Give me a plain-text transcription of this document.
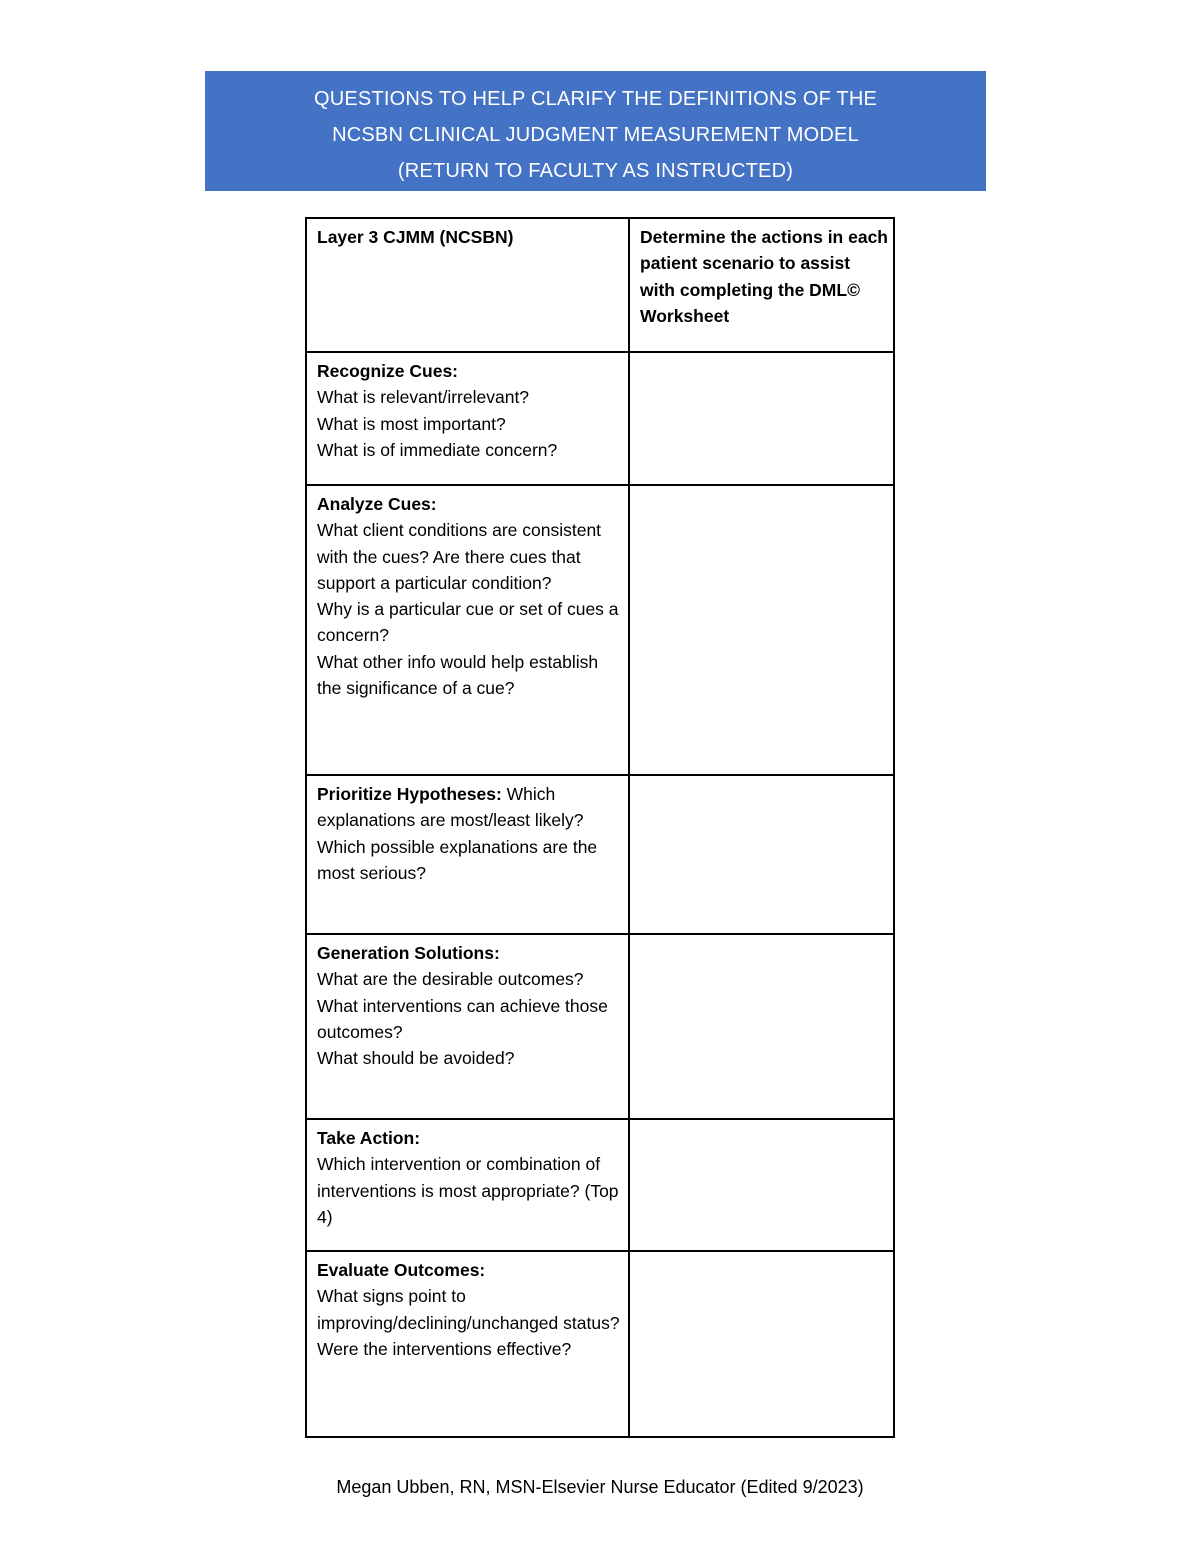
QUESTIONS TO HELP CLARIFY THE DEFINITIONS OF THE
NCSBN CLINICAL JUDGMENT MEASUREMENT MODEL
(RETURN TO FACULTY AS INSTRUCTED)
Layer 3 CJMM (NCSBN)	Determine the actions in each patient scenario to assist with completing the DML© Worksheet

Recognize Cues:
What is relevant/irrelevant?
What is most important?
What is of immediate concern?	

Analyze Cues:
What client conditions are consistent with the cues? Are there cues that support a particular condition?
Why is a particular cue or set of cues a concern?
What other info would help establish the significance of a cue?	

Prioritize Hypotheses: Which explanations are most/least likely?
Which possible explanations are the most serious?	

Generation Solutions:
What are the desirable outcomes?
What interventions can achieve those outcomes?
What should be avoided?	

Take Action:
Which intervention or combination of interventions is most appropriate? (Top 4)	

Evaluate Outcomes:
What signs point to improving/declining/unchanged status?
Were the interventions effective?	

Megan Ubben, RN, MSN-Elsevier Nurse Educator (Edited 9/2023)
